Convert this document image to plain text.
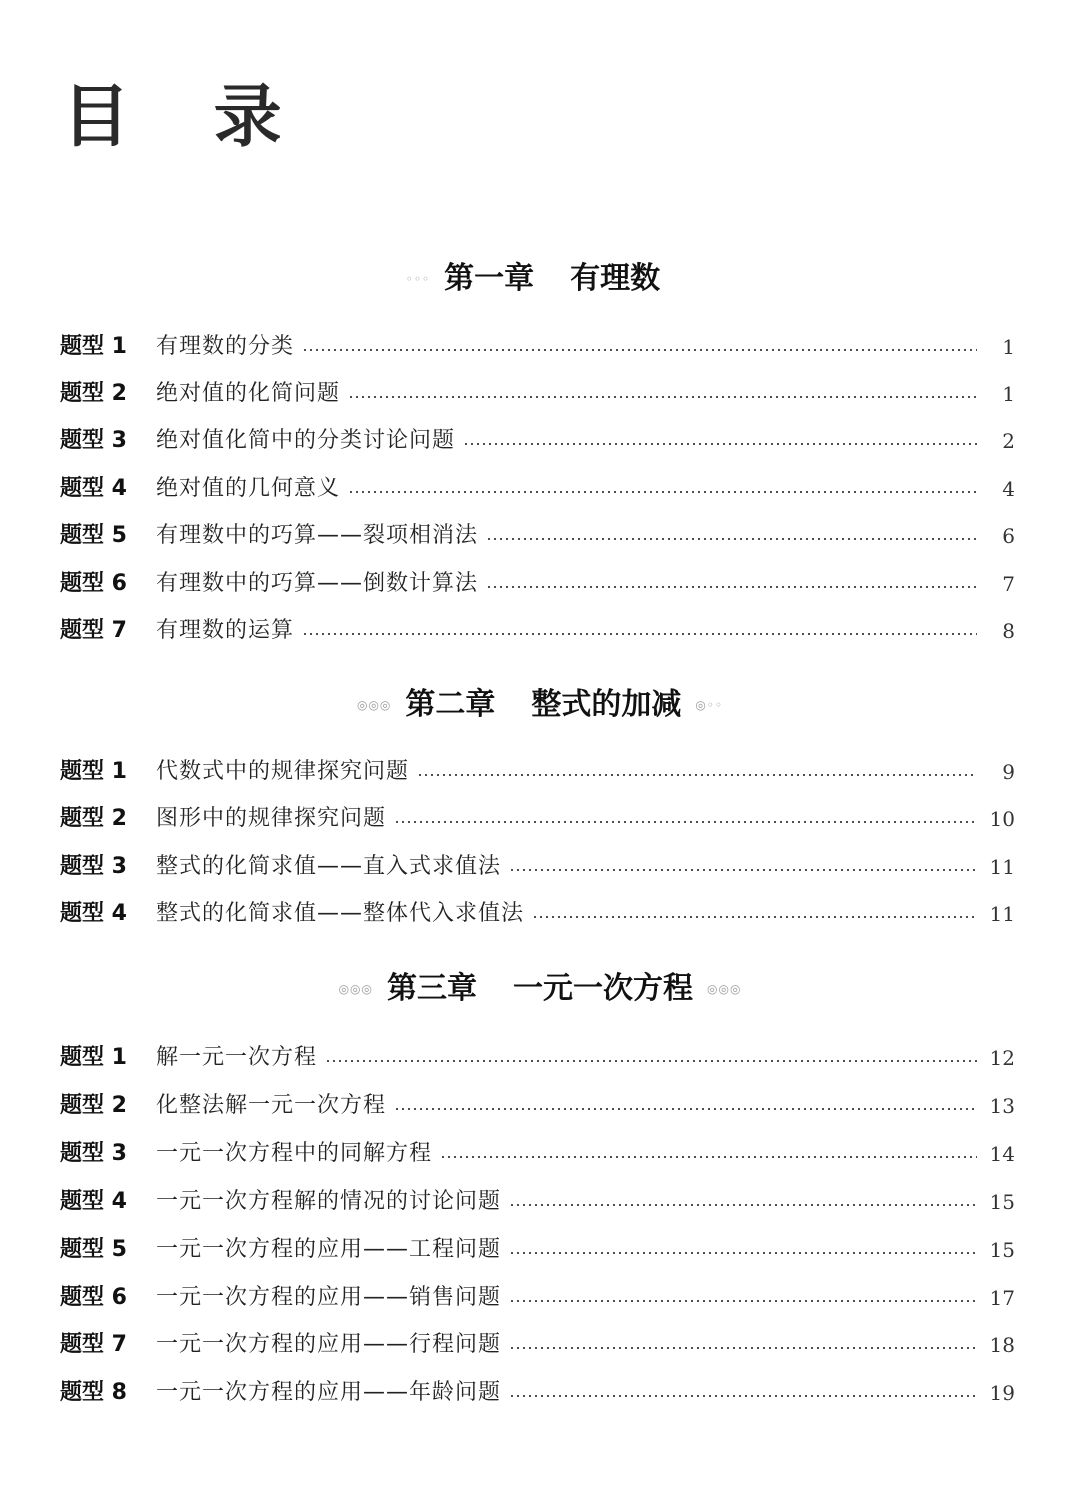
目 录
◦◦◦ 第一章 有理数
题型 1	有理数的分类	1
题型 2	绝对值的化简问题	1
题型 3	绝对值化简中的分类讨论问题	2
题型 4	绝对值的几何意义	4
题型 5	有理数中的巧算——裂项相消法	6
题型 6	有理数中的巧算——倒数计算法	7
题型 7	有理数的运算	8
◎◎◎ 第二章 整式的加减 ◎◦◦
题型 1	代数式中的规律探究问题	9
题型 2	图形中的规律探究问题	10
题型 3	整式的化简求值——直入式求值法	11
题型 4	整式的化简求值——整体代入求值法	11
◎◎◎ 第三章 一元一次方程 ◎◎◎
题型 1	解一元一次方程	12
题型 2	化整法解一元一次方程	13
题型 3	一元一次方程中的同解方程	14
题型 4	一元一次方程解的情况的讨论问题	15
题型 5	一元一次方程的应用——工程问题	15
题型 6	一元一次方程的应用——销售问题	17
题型 7	一元一次方程的应用——行程问题	18
题型 8	一元一次方程的应用——年龄问题	19
